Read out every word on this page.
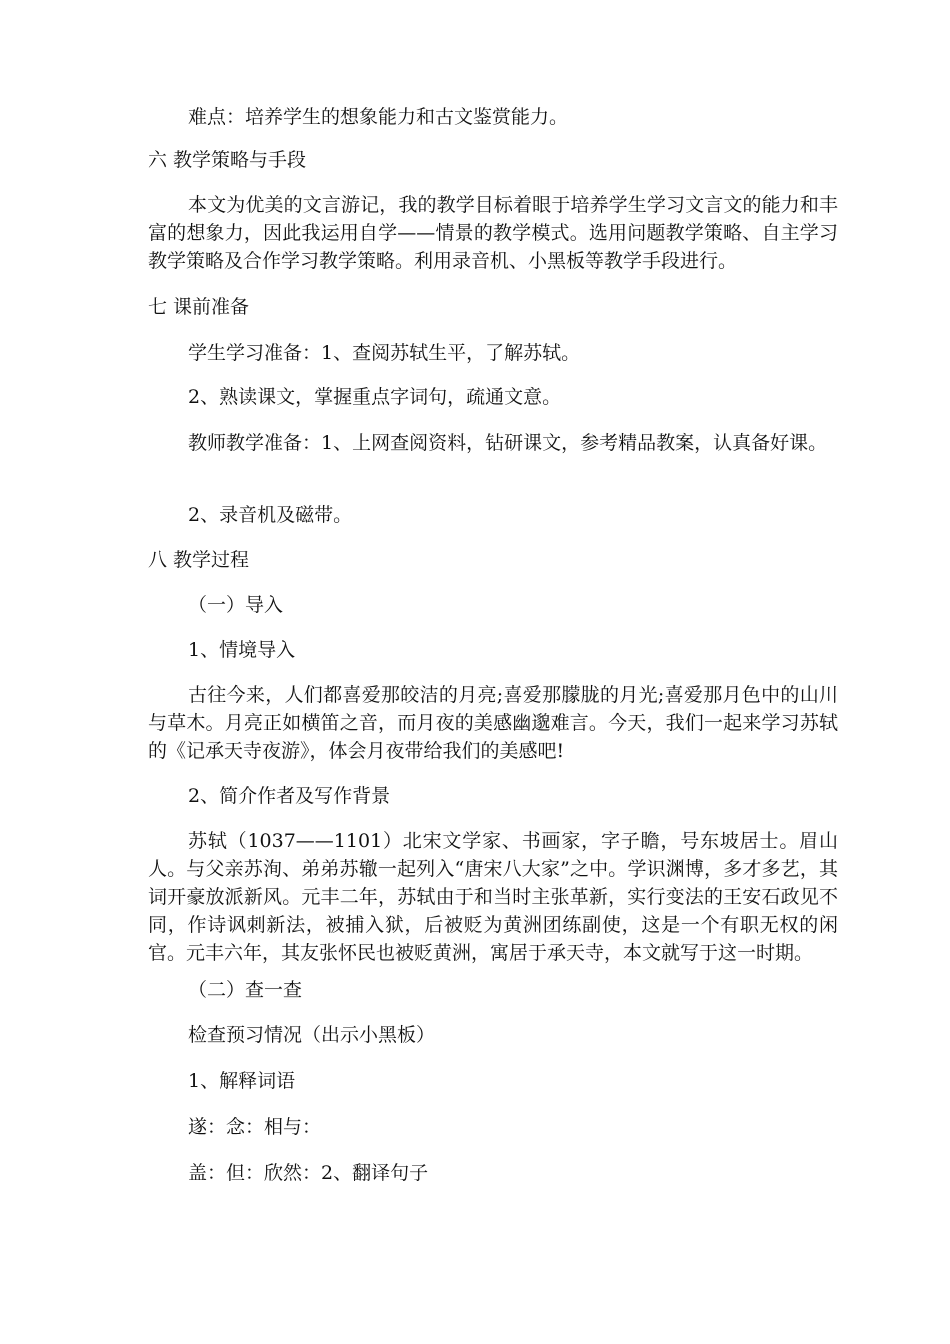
难点：培养学生的想象能力和古文鉴赏能力。
六 教学策略与手段
本文为优美的文言游记，我的教学目标着眼于培养学生学习文言文的能力和丰富的想象力，因此我运用自学——情景的教学模式。选用问题教学策略、自主学习教学策略及合作学习教学策略。利用录音机、小黑板等教学手段进行。
七 课前准备
学生学习准备：1、查阅苏轼生平，了解苏轼。
2、熟读课文，掌握重点字词句，疏通文意。
教师教学准备：1、上网查阅资料，钻研课文，参考精品教案，认真备好课。
2、录音机及磁带。
八 教学过程
（一）导入
1、情境导入
古往今来，人们都喜爱那皎洁的月亮;喜爱那朦胧的月光;喜爱那月色中的山川与草木。月亮正如横笛之音，而月夜的美感幽邈难言。今天，我们一起来学习苏轼的《记承天寺夜游》，体会月夜带给我们的美感吧!
2、简介作者及写作背景
苏轼（1037——1101）北宋文学家、书画家，字子瞻，号东坡居士。眉山人。与父亲苏洵、弟弟苏辙一起列入“唐宋八大家”之中。学识渊博，多才多艺，其词开豪放派新风。元丰二年，苏轼由于和当时主张革新，实行变法的王安石政见不同，作诗讽刺新法，被捕入狱，后被贬为黄洲团练副使，这是一个有职无权的闲官。元丰六年，其友张怀民也被贬黄洲，寓居于承天寺，本文就写于这一时期。
（二）查一查
检查预习情况（出示小黑板）
1、解释词语
遂：念：相与：
盖：但：欣然：2、翻译句子
